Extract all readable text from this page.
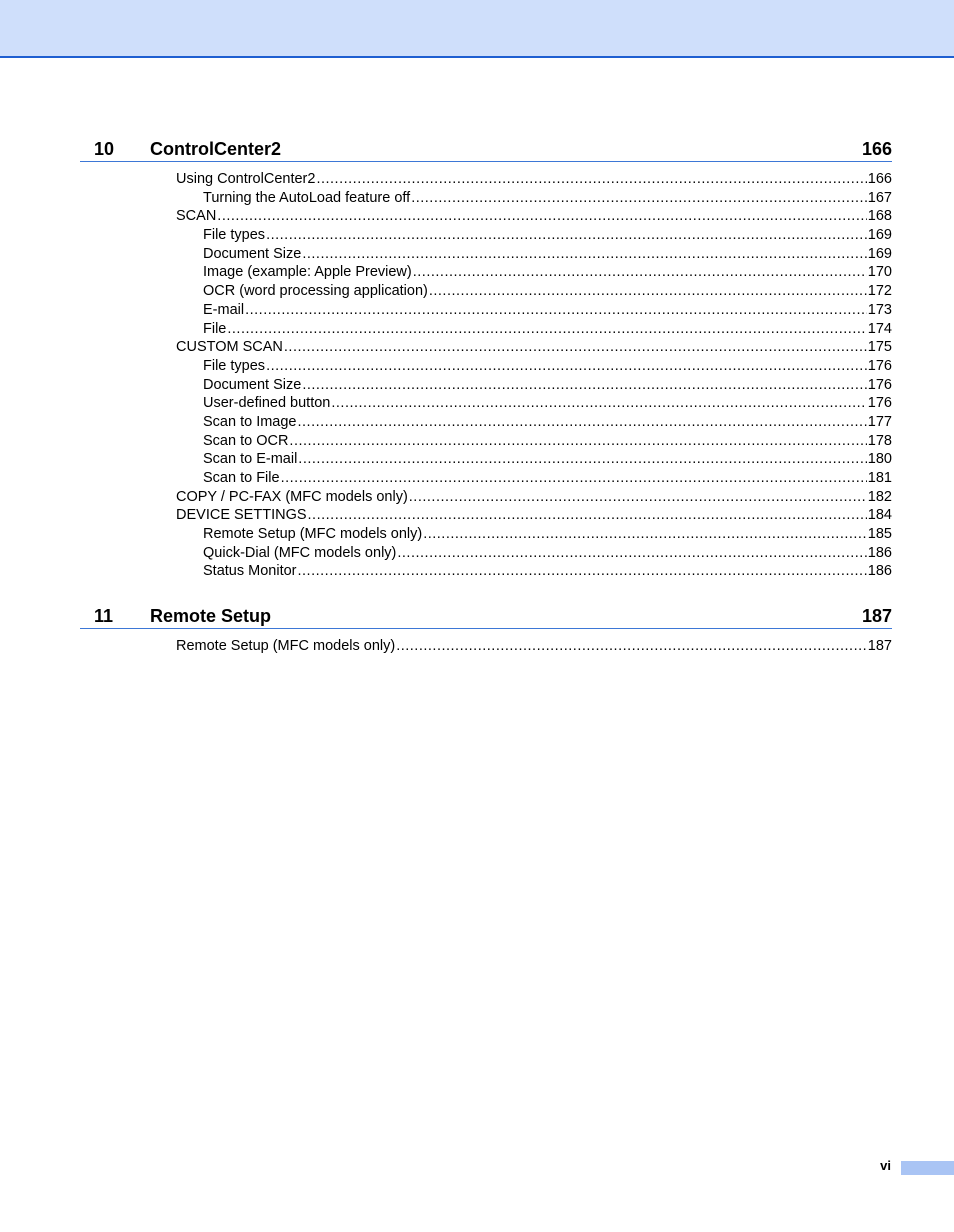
10 ControlCenter2	166
Using ControlCenter2 .....	166
Turning the AutoLoad feature off .....	167
SCAN .....	168
File types .....	169
Document Size .....	169
Image (example: Apple Preview) .....	170
OCR (word processing application) .....	172
E-mail .....	173
File .....	174
CUSTOM SCAN .....	175
File types .....	176
Document Size .....	176
User-defined button .....	176
Scan to Image .....	177
Scan to OCR .....	178
Scan to E-mail .....	180
Scan to File .....	181
COPY / PC-FAX (MFC models only) .....	182
DEVICE SETTINGS .....	184
Remote Setup (MFC models only) .....	185
Quick-Dial (MFC models only) .....	186
Status Monitor .....	186
11 Remote Setup	187
Remote Setup (MFC models only) .....	187
vi
